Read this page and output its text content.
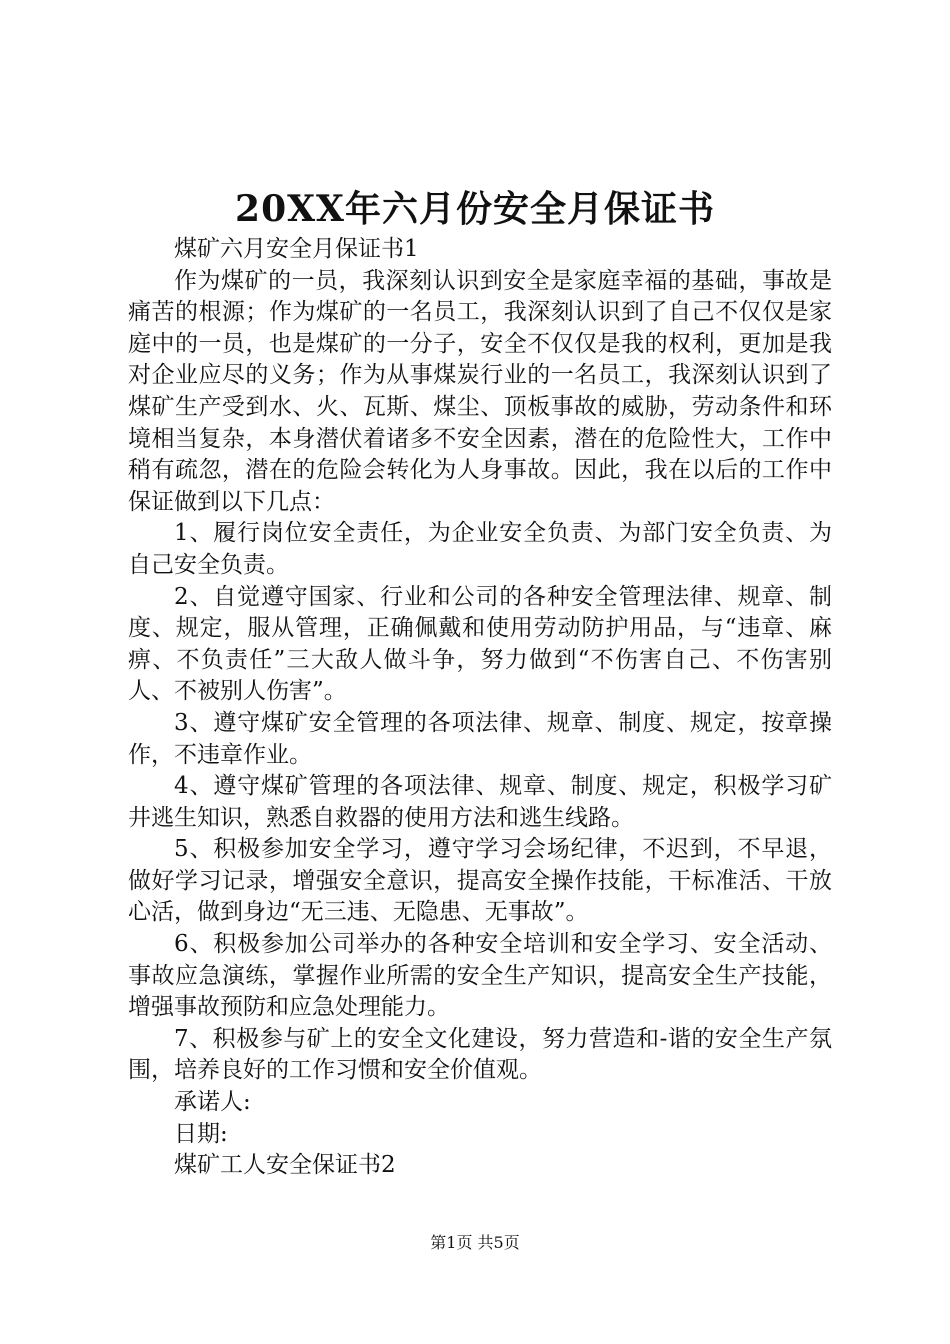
20XX年六月份安全月保证书

煤矿六月安全月保证书1

作为煤矿的一员，我深刻认识到安全是家庭幸福的基础，事故是痛苦的根源；作为煤矿的一名员工，我深刻认识到了自己不仅仅是家庭中的一员，也是煤矿的一分子，安全不仅仅是我的权利，更加是我对企业应尽的义务；作为从事煤炭行业的一名员工，我深刻认识到了煤矿生产受到水、火、瓦斯、煤尘、顶板事故的威胁，劳动条件和环境相当复杂，本身潜伏着诸多不安全因素，潜在的危险性大，工作中稍有疏忽，潜在的危险会转化为人身事故。因此，我在以后的工作中保证做到以下几点：

1、履行岗位安全责任，为企业安全负责、为部门安全负责、为自己安全负责。

2、自觉遵守国家、行业和公司的各种安全管理法律、规章、制度、规定，服从管理，正确佩戴和使用劳动防护用品，与“违章、麻痹、不负责任”三大敌人做斗争，努力做到“不伤害自己、不伤害别人、不被别人伤害”。

3、遵守煤矿安全管理的各项法律、规章、制度、规定，按章操作，不违章作业。

4、遵守煤矿管理的各项法律、规章、制度、规定，积极学习矿井逃生知识，熟悉自救器的使用方法和逃生线路。

5、积极参加安全学习，遵守学习会场纪律，不迟到，不早退，做好学习记录，增强安全意识，提高安全操作技能，干标准活、干放心活，做到身边“无三违、无隐患、无事故”。

6、积极参加公司举办的各种安全培训和安全学习、安全活动、事故应急演练，掌握作业所需的安全生产知识，提高安全生产技能，增强事故预防和应急处理能力。

7、积极参与矿上的安全文化建设，努力营造和-谐的安全生产氛围，培养良好的工作习惯和安全价值观。

承诺人:

日期:

煤矿工人安全保证书2

第1页 共5页
